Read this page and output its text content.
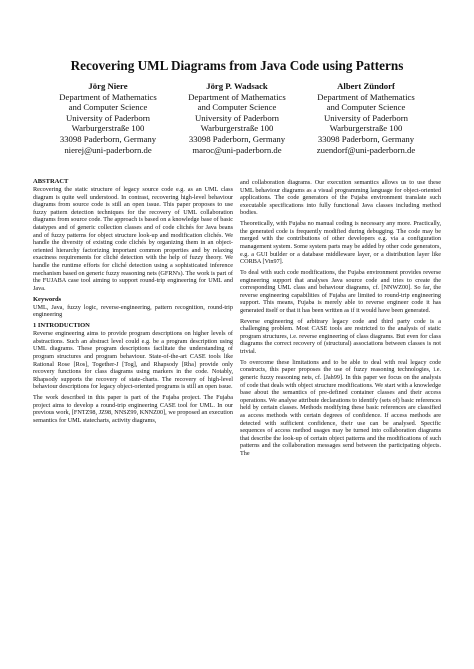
Recovering UML Diagrams from Java Code using Patterns
Jörg Niere
Department of Mathematics
and Computer Science
University of Paderborn
Warburgerstraße 100
33098 Paderborn, Germany
nierej@uni-paderborn.de
Jörg P. Wadsack
Department of Mathematics
and Computer Science
University of Paderborn
Warburgerstraße 100
33098 Paderborn, Germany
maroc@uni-paderborn.de
Albert Zündorf
Department of Mathematics
and Computer Science
University of Paderborn
Warburgerstraße 100
33098 Paderborn, Germany
zuendorf@uni-paderborn.de
ABSTRACT
Recovering the static structure of legacy source code e.g. as an UML class diagram is quite well understood. In contrast, recovering high-level behaviour diagrams from source code is still an open issue. This paper proposes to use fuzzy pattern detection techniques for the recovery of UML collaboration diagrams from source code. The approach is based on a knowledge base of basic datatypes and of generic collection classes and of code clichés for Java beans and of fuzzy patterns for object structure look-up and modification clichés. We handle the diversity of existing code clichés by organizing them in an object-oriented hierarchy factorizing important common properties and by relaxing exactness requirements for cliché detection with the help of fuzzy theory. We handle the runtime efforts for cliché detection using a sophisticated inference mechanism based on generic fuzzy reasoning nets (GFRN's). The work is part of the FUJABA case tool aiming to support round-trip engineering for UML and Java.
Keywords
UML, Java, fuzzy logic, reverse-engineering, pattern recognition, round-trip engineering
1 INTRODUCTION
Reverse engineering aims to provide program descriptions on higher levels of abstractions. Such an abstract level could e.g. be a program description using UML diagrams. These program descriptions facilitate the understanding of program structures and program behaviour. State-of-the-art CASE tools like Rational Rose [Ros], Together-J [Tog], and Rhapsody [Rha] provide only recovery functions for class diagrams using markers in the code. Notably, Rhapsody supports the recovery of state-charts. The recovery of high-level behaviour descriptions for legacy object-oriented programs is still an open issue.
The work described in this paper is part of the Fujaba project. The Fujaba project aims to develop a round-trip engineering CASE tool for UML. In our previous work, [FNTZ98, JZ98, NNSZ99, KNNZ00], we proposed an execution semantics for UML statecharts, activity diagrams,
and collaboration diagrams. Our execution semantics allows us to use these UML behaviour diagrams as a visual programming language for object-oriented applications. The code generators of the Fujaba environment translate such executable specifications into fully functional Java classes including method bodies.
Theoretically, with Fujaba no manual coding is necessary any more. Practically, the generated code is frequently modified during debugging. The code may be merged with the contributions of other developers e.g. via a configuration management system. Some system parts may be added by other code generators, e.g. a GUI builder or a database middleware layer, or a distribution layer like CORBA [Vin97].
To deal with such code modifications, the Fujaba environment provides reverse engineering support that analyses Java source code and tries to create the corresponding UML class and behaviour diagrams, cf. [NNWZ00]. So far, the reverse engineering capabilities of Fujaba are limited to round-trip engineering support. This means, Fujaba is merely able to reverse engineer code it has generated itself or that it has been written as if it would have been generated.
Reverse engineering of arbitrary legacy code and third party code is a challenging problem. Most CASE tools are restricted to the analysis of static program structures, i.e. reverse engineering of class diagrams. But even for class diagrams the correct recovery of (structural) associations between classes is not trivial.
To overcome these limitations and to be able to deal with real legacy code constructs, this paper proposes the use of fuzzy reasoning technologies, i.e. generic fuzzy reasoning nets, cf. [Jah99]. In this paper we focus on the analysis of code that deals with object structure modifications. We start with a knowledge base about the semantics of pre-defined container classes and their access operations. We analyse attribute declarations to identify (sets of) basic references held by certain classes. Methods modifying these basic references are classified as access methods with certain degrees of confidence. If access methods are detected with sufficient confidence, their use can be analysed. Specific sequences of access method usages may be turned into collaboration diagrams that describe the look-up of certain object patterns and the modifications of such patterns and the collaboration messages send between the participating objects. The
